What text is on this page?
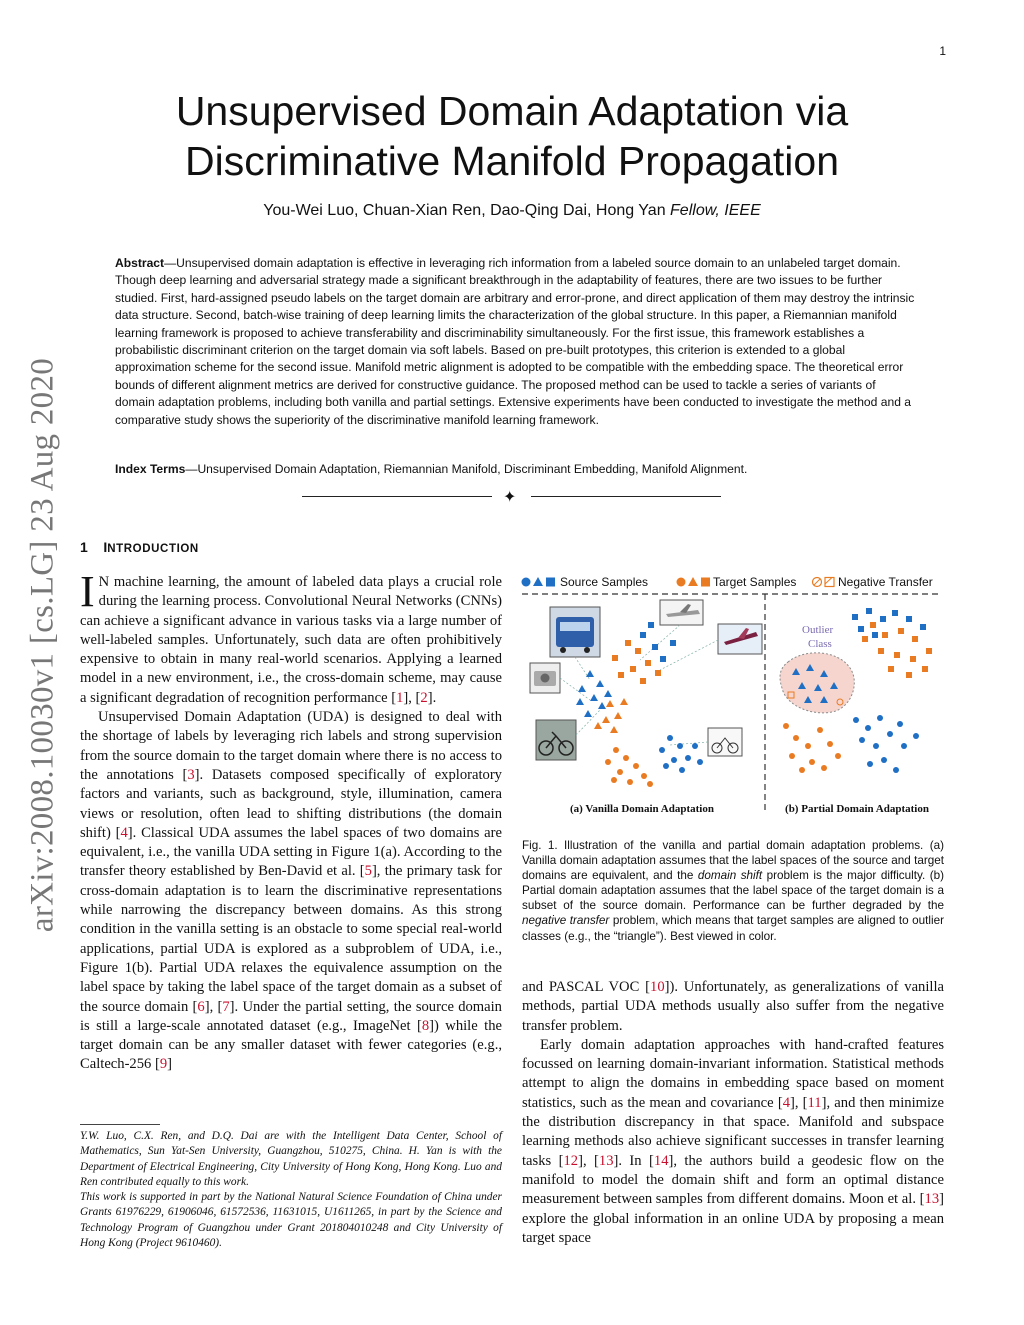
1
arXiv:2008.10030v1 [cs.LG] 23 Aug 2020
Unsupervised Domain Adaptation via
Discriminative Manifold Propagation
You-Wei Luo, Chuan-Xian Ren, Dao-Qing Dai, Hong Yan Fellow, IEEE
Abstract—Unsupervised domain adaptation is effective in leveraging rich information from a labeled source domain to an unlabeled target domain. Though deep learning and adversarial strategy made a significant breakthrough in the adaptability of features, there are two issues to be further studied. First, hard-assigned pseudo labels on the target domain are arbitrary and error-prone, and direct application of them may destroy the intrinsic data structure. Second, batch-wise training of deep learning limits the characterization of the global structure. In this paper, a Riemannian manifold learning framework is proposed to achieve transferability and discriminability simultaneously. For the first issue, this framework establishes a probabilistic discriminant criterion on the target domain via soft labels. Based on pre-built prototypes, this criterion is extended to a global approximation scheme for the second issue. Manifold metric alignment is adopted to be compatible with the embedding space. The theoretical error bounds of different alignment metrics are derived for constructive guidance. The proposed method can be used to tackle a series of variants of domain adaptation problems, including both vanilla and partial settings. Extensive experiments have been conducted to investigate the method and a comparative study shows the superiority of the discriminative manifold learning framework.
Index Terms—Unsupervised Domain Adaptation, Riemannian Manifold, Discriminant Embedding, Manifold Alignment.
✦
1 INTRODUCTION

I N machine learning, the amount of labeled data plays a crucial role during the learning process. Convolutional Neural Networks (CNNs) can achieve a significant advance in various tasks via a large number of well-labeled samples. Unfortunately, such data are often prohibitively expensive to obtain in many real-world scenarios. Applying a learned model in a new environment, i.e., the cross-domain scheme, may cause a significant degradation of recognition performance [1], [2].

Unsupervised Domain Adaptation (UDA) is designed to deal with the shortage of labels by leveraging rich labels and strong supervision from the source domain to the target domain where there is no access to the annotations [3]. Datasets composed specifically of exploratory factors and variants, such as background, style, illumination, camera views or resolution, often lead to shifting distributions (the domain shift) [4]. Classical UDA assumes the label spaces of two domains are equivalent, i.e., the vanilla UDA setting in Figure 1(a). According to the transfer theory established by Ben-David et al. [5], the primary task for cross-domain adaptation is to learn the discriminative representations while narrowing the discrepancy between domains. As this strong condition in the vanilla setting is an obstacle to some special real-world applications, partial UDA is explored as a subproblem of UDA, i.e., Figure 1(b). Partial UDA relaxes the equivalence assumption on the label space by taking the label space of the target domain as a subset of the source domain [6], [7]. Under the partial setting, the source domain is still a large-scale annotated dataset (e.g., ImageNet [8]) while the target domain can be any smaller dataset with fewer categories (e.g., Caltech-256 [9]

Y.W. Luo, C.X. Ren, and D.Q. Dai are with the Intelligent Data Center, School of Mathematics, Sun Yat-Sen University, Guangzhou, 510275, China. H. Yan is with the Department of Electrical Engineering, City University of Hong Kong, Hong Kong. Luo and Ren contributed equally to this work.

This work is supported in part by the National Natural Science Foundation of China under Grants 61976229, 61906046, 61572536, 11631015, U1611265, in part by the Science and Technology Program of Guangzhou under Grant 201804010248 and City University of Hong Kong (Project 9610460).

Source Samples	Target Samples	Negative Transfer
Outlier
Class
(a) Vanilla Domain Adaptation	(b) Partial Domain Adaptation
Fig. 1. Illustration of the vanilla and partial domain adaptation problems. (a) Vanilla domain adaptation assumes that the label spaces of the source and target domains are equivalent, and the domain shift problem is the major difficulty. (b) Partial domain adaptation assumes that the label space of the target domain is a subset of the source domain. Performance can be further degraded by the negative transfer problem, which means that target samples are aligned to outlier classes (e.g., the “triangle”). Best viewed in color.

and PASCAL VOC [10]). Unfortunately, as generalizations of vanilla methods, partial UDA methods usually also suffer from the negative transfer problem.

Early domain adaptation approaches with hand-crafted features focussed on learning domain-invariant information. Statistical methods attempt to align the domains in embedding space based on moment statistics, such as the mean and covariance [4], [11], and then minimize the distribution discrepancy in that space. Manifold and subspace learning methods also achieve significant successes in transfer learning tasks [12], [13]. In [14], the authors build a geodesic flow on the manifold to model the domain shift and form an optimal distance measurement between samples from different domains. Moon et al. [13] explore the global information in an online UDA by proposing a mean target space
